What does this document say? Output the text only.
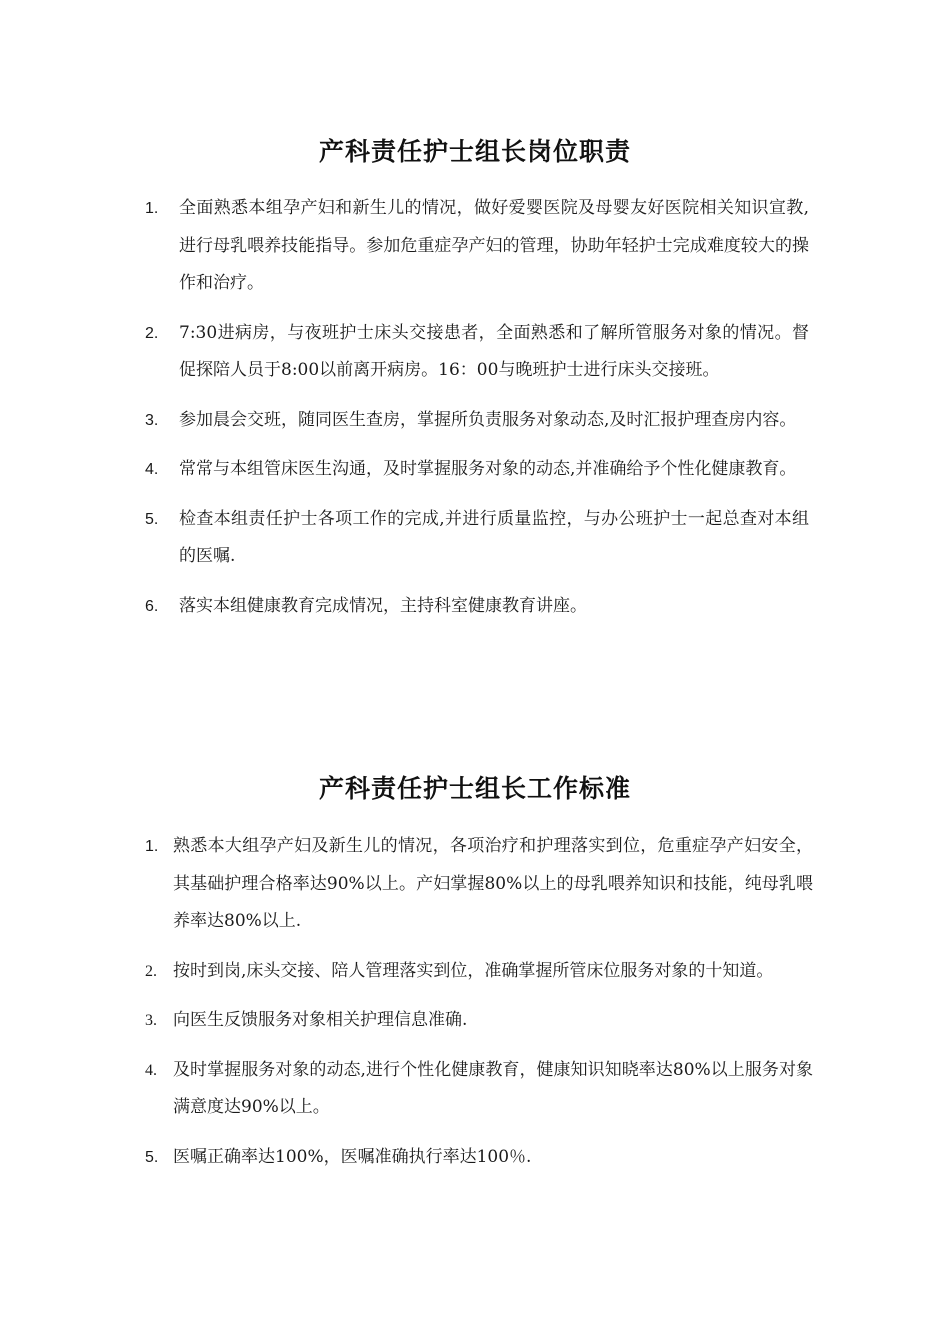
产科责任护士组长岗位职责
1. 全面熟悉本组孕产妇和新生儿的情况，做好爱婴医院及母婴友好医院相关知识宣教,进行母乳喂养技能指导。参加危重症孕产妇的管理，协助年轻护士完成难度较大的操作和治疗。
2. 7:30进病房，与夜班护士床头交接患者，全面熟悉和了解所管服务对象的情况。督促探陪人员于8:00以前离开病房。16：00与晚班护士进行床头交接班。
3. 参加晨会交班，随同医生查房，掌握所负责服务对象动态,及时汇报护理查房内容。
4. 常常与本组管床医生沟通，及时掌握服务对象的动态,并准确给予个性化健康教育。
5. 检查本组责任护士各项工作的完成,并进行质量监控，与办公班护士一起总查对本组的医嘱.
6. 落实本组健康教育完成情况，主持科室健康教育讲座。
产科责任护士组长工作标准
1. 熟悉本大组孕产妇及新生儿的情况，各项治疗和护理落实到位，危重症孕产妇安全，其基础护理合格率达90%以上。产妇掌握80%以上的母乳喂养知识和技能，纯母乳喂养率达80%以上.
2. 按时到岗,床头交接、陪人管理落实到位，准确掌握所管床位服务对象的十知道。
3. 向医生反馈服务对象相关护理信息准确.
4. 及时掌握服务对象的动态,进行个性化健康教育，健康知识知晓率达80%以上服务对象满意度达90%以上。
5. 医嘱正确率达100%，医嘱准确执行率达100％.
